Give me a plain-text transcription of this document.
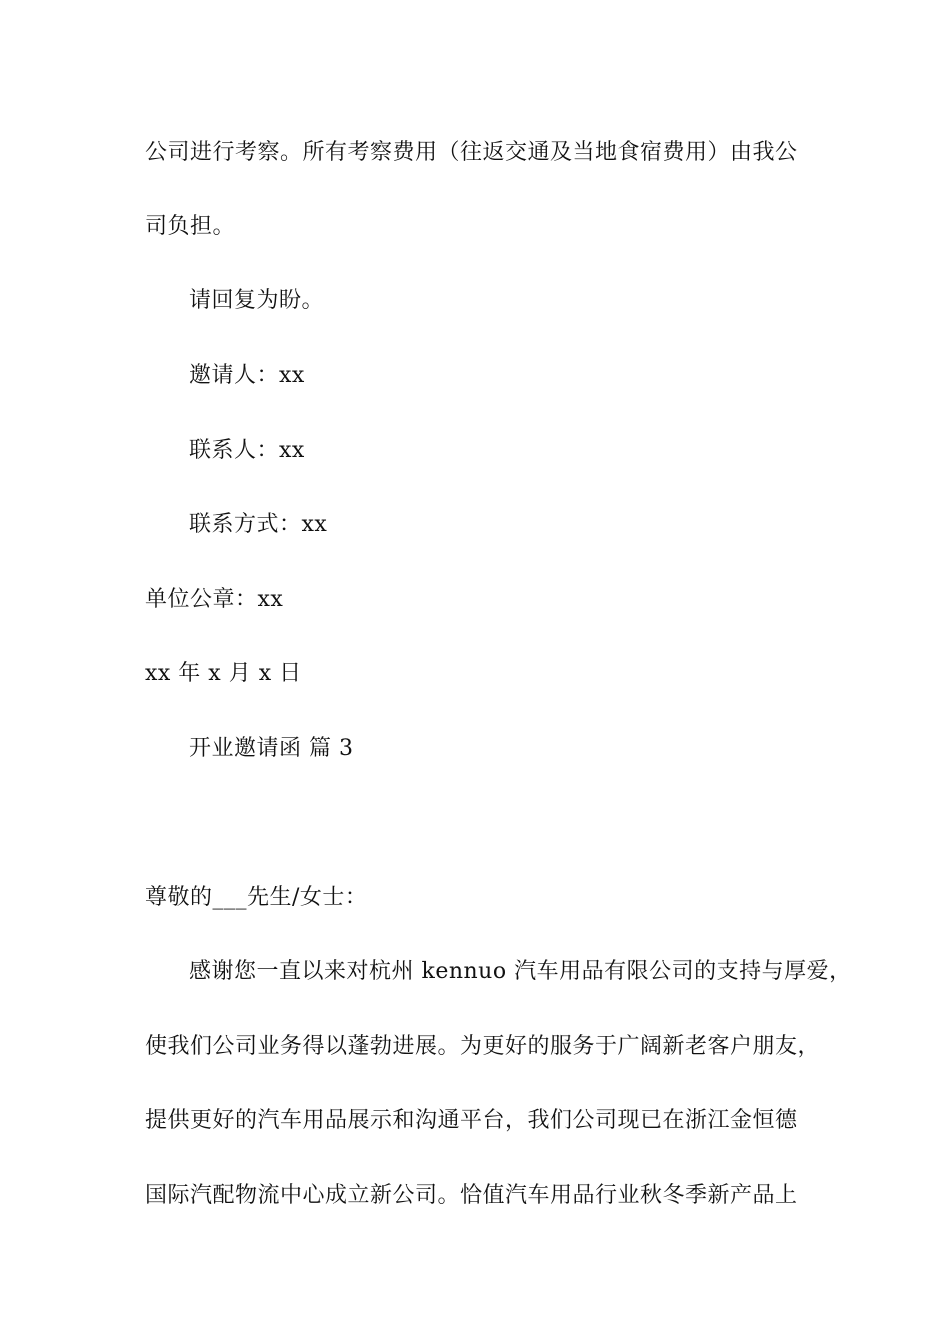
公司进行考察。所有考察费用（往返交通及当地食宿费用）由我公
司负担。
请回复为盼。
邀请人：xx
联系人：xx
联系方式：xx
单位公章：xx
xx 年 x 月 x 日
开业邀请函 篇 3
尊敬的___先生/女士：
感谢您一直以来对杭州 kennuo 汽车用品有限公司的支持与厚爱，
使我们公司业务得以蓬勃进展。为更好的服务于广阔新老客户朋友，
提供更好的汽车用品展示和沟通平台，我们公司现已在浙江金恒德
国际汽配物流中心成立新公司。恰值汽车用品行业秋冬季新产品上
